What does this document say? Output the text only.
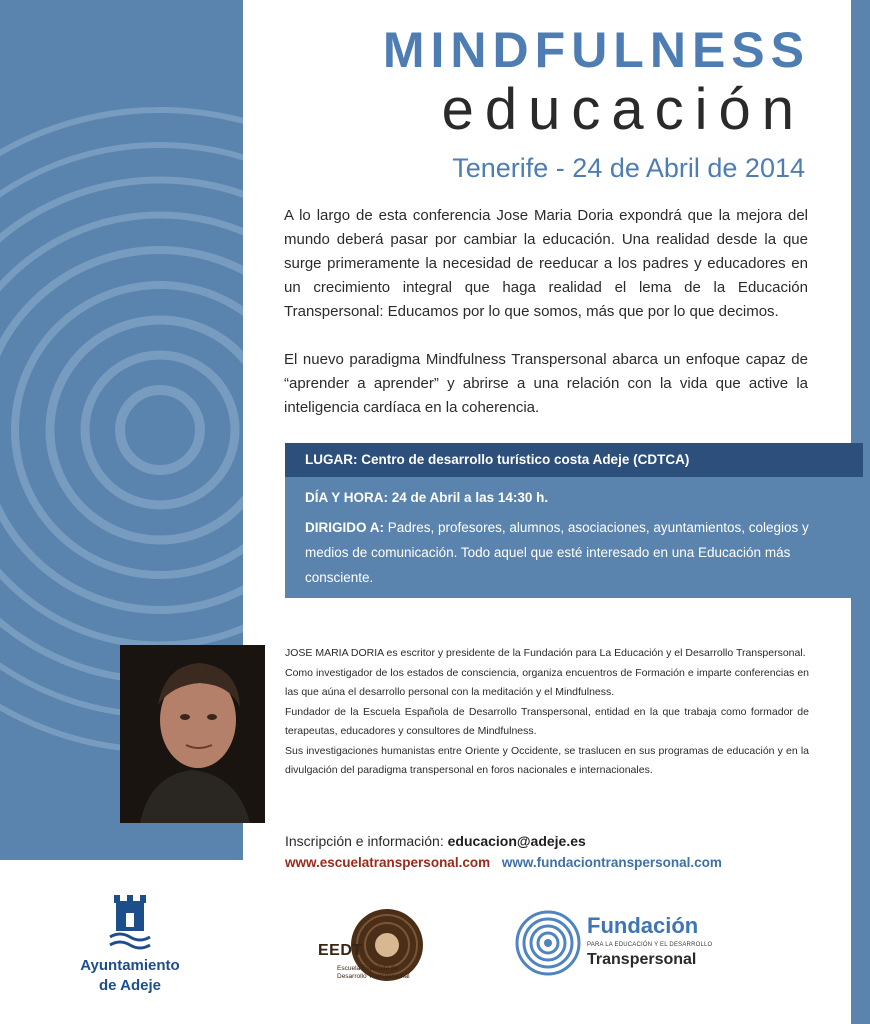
MINDFULNESS
educación
Tenerife - 24 de Abril de 2014
A lo largo de esta conferencia Jose Maria Doria expondrá que la mejora del mundo deberá pasar por cambiar la educación. Una realidad desde la que surge primeramente la necesidad de reeducar a los padres y educadores en un crecimiento integral que haga realidad el lema de la Educación Transpersonal: Educamos por lo que somos, más que por lo que decimos.
El nuevo paradigma Mindfulness Transpersonal abarca un enfoque capaz de “aprender a aprender” y abrirse a una relación con la vida que active la inteligencia cardíaca en la coherencia.
LUGAR: Centro de desarrollo turístico costa Adeje (CDTCA)
DÍA Y HORA: 24 de Abril a las 14:30 h.
DIRIGIDO A: Padres, profesores, alumnos, asociaciones, ayuntamientos, colegios y medios de comunicación. Todo aquel que esté interesado en una Educación más consciente.

JOSE MARIA DORIA es escritor y presidente de la Fundación para La Educación y el Desarrollo Transpersonal.

Como investigador de los estados de consciencia, organiza encuentros de Formación e imparte conferencias en las que aúna el desarrollo personal con la meditación y el Mindfulness.

Fundador de la Escuela Española de Desarrollo Transpersonal, entidad en la que trabaja como formador de terapeutas, educadores y consultores de Mindfulness.

Sus investigaciones humanistas entre Oriente y Occidente, se traslucen en sus programas de educación y en la divulgación del paradigma transpersonal en foros nacionales e internacionales.

Inscripción e información: educacion@adeje.es
www.escuelatranspersonal.com www.fundaciontranspersonal.com
Ayuntamiento
de Adeje
EEDT
Escuela Española de
Desarrollo Transpersonal
Fundación
PARA LA EDUCACIÓN Y EL DESARROLLO
Transpersonal
